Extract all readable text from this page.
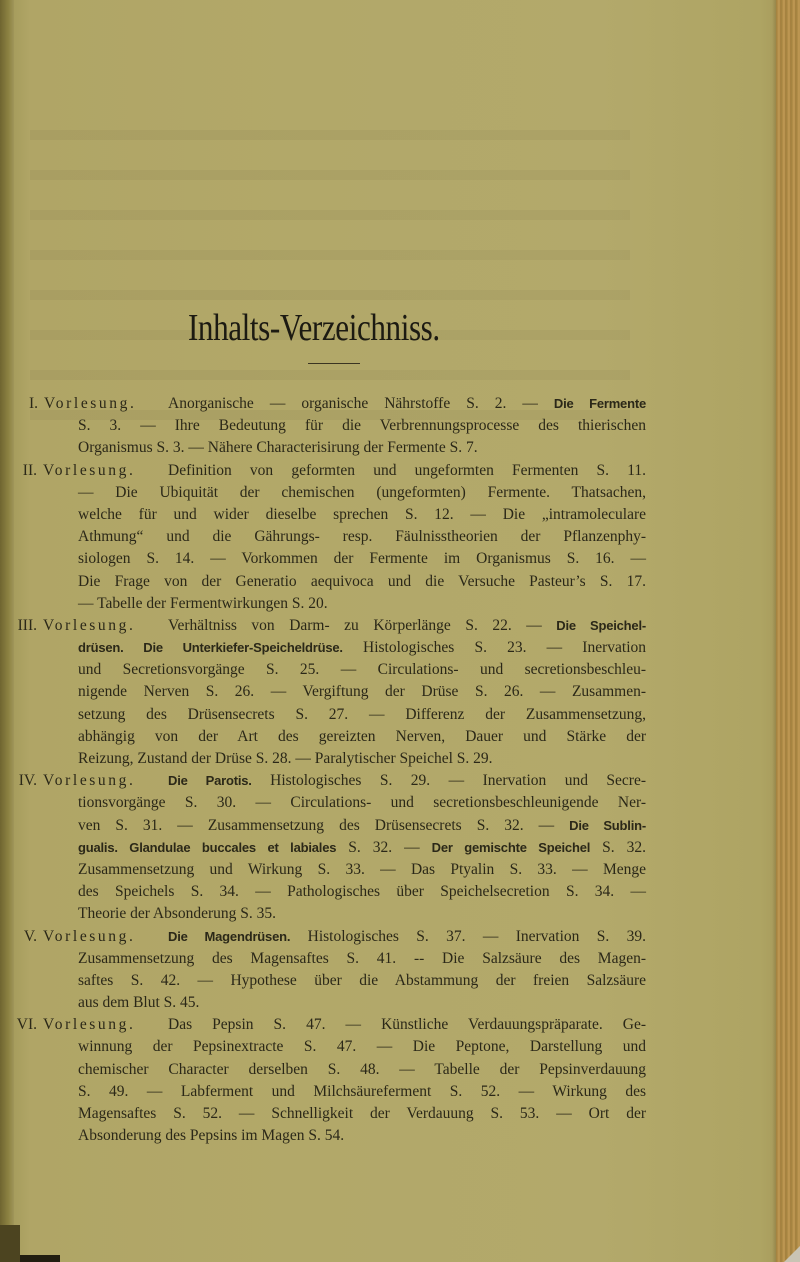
Inhalts-Verzeichniss.
I. Vorlesung. Anorganische — organische Nährstoffe S. 2. — Die Fermente
S. 3. — Ihre Bedeutung für die Verbrennungsprocesse des thierischen
Organismus S. 3. — Nähere Characterisirung der Fermente S. 7.
II. Vorlesung. Definition von geformten und ungeformten Fermenten S. 11.
— Die Ubiquität der chemischen (ungeformten) Fermente. Thatsachen,
welche für und wider dieselbe sprechen S. 12. — Die „intramoleculare
Athmung“ und die Gährungs- resp. Fäulnisstheorien der Pflanzenphy-
siologen S. 14. — Vorkommen der Fermente im Organismus S. 16. —
Die Frage von der Generatio aequivoca und die Versuche Pasteur’s S. 17.
— Tabelle der Fermentwirkungen S. 20.
III. Vorlesung. Verhältniss von Darm- zu Körperlänge S. 22. — Die Speichel-
drüsen. Die Unterkiefer-Speicheldrüse. Histologisches S. 23. — Inervation
und Secretionsvorgänge S. 25. — Circulations- und secretionsbeschleu-
nigende Nerven S. 26. — Vergiftung der Drüse S. 26. — Zusammen-
setzung des Drüsensecrets S. 27. — Differenz der Zusammensetzung,
abhängig von der Art des gereizten Nerven, Dauer und Stärke der
Reizung, Zustand der Drüse S. 28. — Paralytischer Speichel S. 29.
IV. Vorlesung.	Die Parotis. Histologisches S. 29. — Inervation und Secre-
tionsvorgänge S. 30. — Circulations- und secretionsbeschleunigende Ner-
ven S. 31. — Zusammensetzung des Drüsensecrets S. 32. — Die Sublin-
gualis. Glandulae buccales et labiales S. 32. — Der gemischte Speichel S. 32.
Zusammensetzung und Wirkung S. 33. — Das Ptyalin S. 33. — Menge
des Speichels S. 34. — Pathologisches über Speichelsecretion S. 34. —
Theorie der Absonderung S. 35.
V. Vorlesung.	Die Magendrüsen. Histologisches S. 37. — Inervation S. 39.
Zusammensetzung des Magensaftes S. 41. -- Die Salzsäure des Magen-
saftes S. 42. — Hypothese über die Abstammung der freien Salzsäure
aus dem Blut S. 45.
VI. Vorlesung. Das Pepsin S. 47. — Künstliche Verdauungspräparate. Ge-
winnung der Pepsinextracte S. 47. — Die Peptone, Darstellung und
chemischer Character derselben S. 48. — Tabelle der Pepsinverdauung
S. 49. — Labferment und Milchsäureferment S. 52. — Wirkung des
Magensaftes S. 52. — Schnelligkeit der Verdauung S. 53. — Ort der
Absonderung des Pepsins im Magen S. 54.
